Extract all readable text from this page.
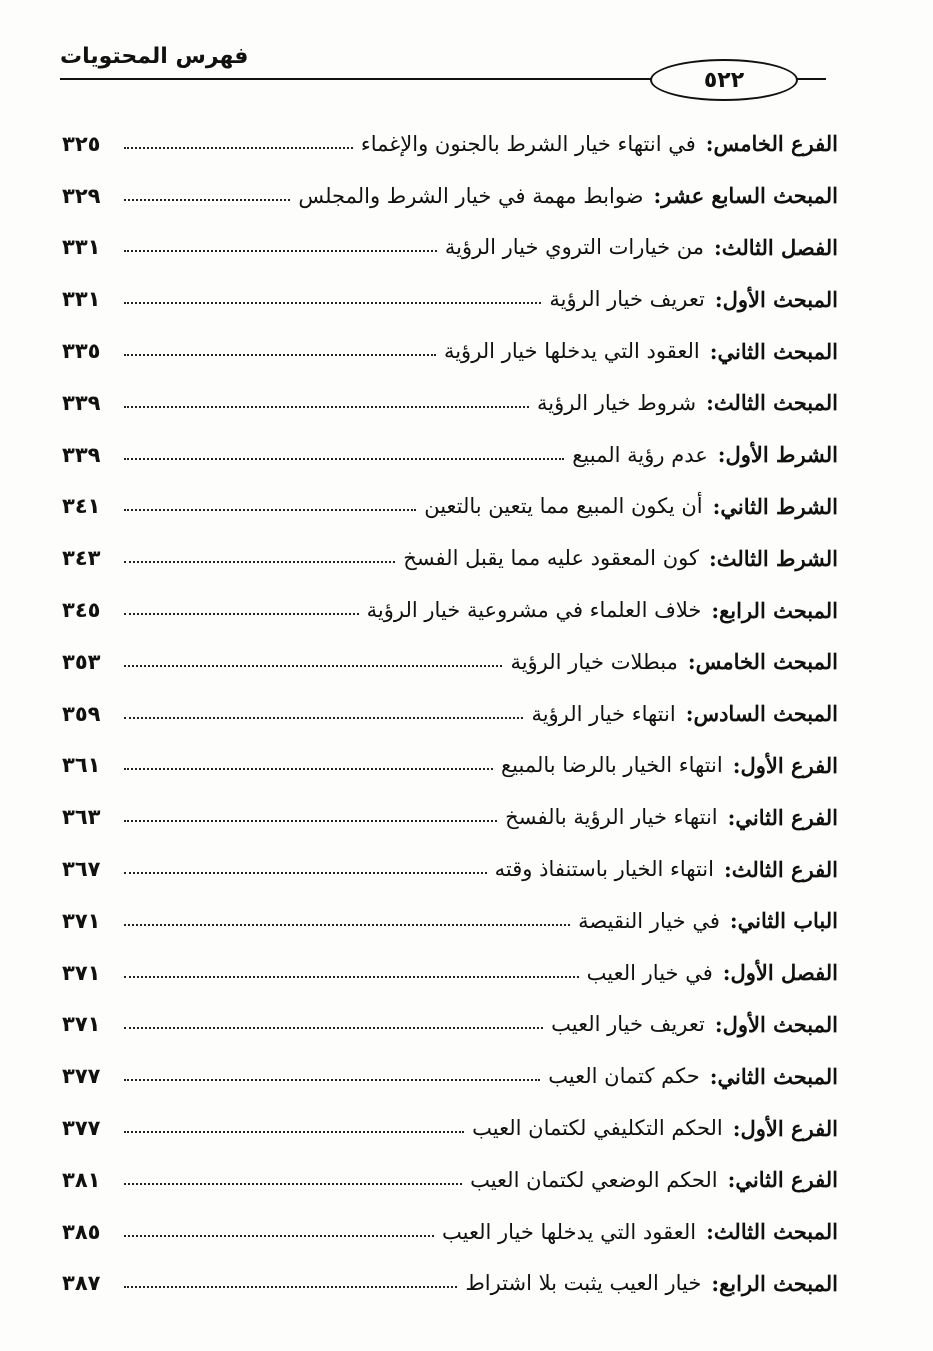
فهرس المحتويات
٥٢٢
الفرع الخامس:
في انتهاء خيار الشرط بالجنون والإغماء
٣٢٥
المبحث السابع عشر:
ضوابط مهمة في خيار الشرط والمجلس
٣٢٩
الفصل الثالث:
من خيارات التروي خيار الرؤية
٣٣١
المبحث الأول:
تعريف خيار الرؤية
٣٣١
المبحث الثاني:
العقود التي يدخلها خيار الرؤية
٣٣٥
المبحث الثالث:
شروط خيار الرؤية
٣٣٩
الشرط الأول:
عدم رؤية المبيع
٣٣٩
الشرط الثاني:
أن يكون المبيع مما يتعين بالتعين
٣٤١
الشرط الثالث:
كون المعقود عليه مما يقبل الفسخ
٣٤٣
المبحث الرابع:
خلاف العلماء في مشروعية خيار الرؤية
٣٤٥
المبحث الخامس:
مبطلات خيار الرؤية
٣٥٣
المبحث السادس:
انتهاء خيار الرؤية
٣٥٩
الفرع الأول:
انتهاء الخيار بالرضا بالمبيع
٣٦١
الفرع الثاني:
انتهاء خيار الرؤية بالفسخ
٣٦٣
الفرع الثالث:
انتهاء الخيار باستنفاذ وقته
٣٦٧
الباب الثاني:
في خيار النقيصة
٣٧١
الفصل الأول:
في خيار العيب
٣٧١
المبحث الأول:
تعريف خيار العيب
٣٧١
المبحث الثاني:
حكم كتمان العيب
٣٧٧
الفرع الأول:
الحكم التكليفي لكتمان العيب
٣٧٧
الفرع الثاني:
الحكم الوضعي لكتمان العيب
٣٨١
المبحث الثالث:
العقود التي يدخلها خيار العيب
٣٨٥
المبحث الرابع:
خيار العيب يثبت بلا اشتراط
٣٨٧
